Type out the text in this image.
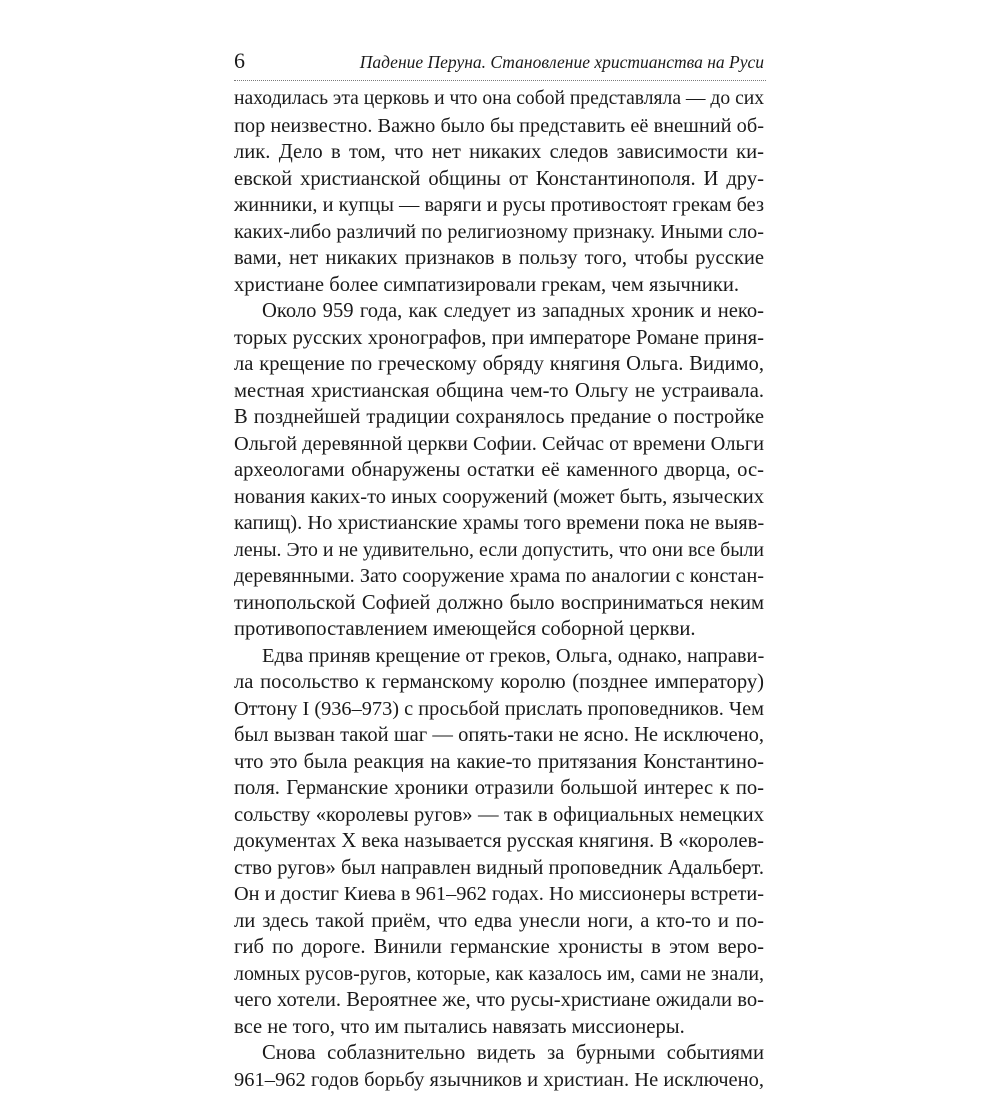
6	Падение Перуна. Становление христианства на Руси
находилась эта церковь и что она собой представляла — до сих
пор неизвестно. Важно было бы представить её внешний об-
лик. Дело в том, что нет никаких следов зависимости ки-
евской христианской общины от Константинополя. И дру-
жинники, и купцы — варяги и русы противостоят грекам без
каких-либо различий по религиозному признаку. Иными сло-
вами, нет никаких признаков в пользу того, чтобы русские
христиане более симпатизировали грекам, чем язычники.
Около 959 года, как следует из западных хроник и неко-
торых русских хронографов, при императоре Романе приня-
ла крещение по греческому обряду княгиня Ольга. Видимо,
местная христианская община чем-то Ольгу не устраивала.
В позднейшей традиции сохранялось предание о постройке
Ольгой деревянной церкви Софии. Сейчас от времени Ольги
археологами обнаружены остатки её каменного дворца, ос-
нования каких-то иных сооружений (может быть, языческих
капищ). Но христианские храмы того времени пока не выяв-
лены. Это и не удивительно, если допустить, что они все были
деревянными. Зато сооружение храма по аналогии с констан-
тинопольской Софией должно было восприниматься неким
противопоставлением имеющейся соборной церкви.
Едва приняв крещение от греков, Ольга, однако, направи-
ла посольство к германскому королю (позднее императору)
Оттону I (936–973) с просьбой прислать проповедников. Чем
был вызван такой шаг — опять-таки не ясно. Не исключено,
что это была реакция на какие-то притязания Константино-
поля. Германские хроники отразили большой интерес к по-
сольству «королевы ругов» — так в официальных немецких
документах X века называется русская княгиня. В «королев-
ство ругов» был направлен видный проповедник Адальберт.
Он и достиг Киева в 961–962 годах. Но миссионеры встрети-
ли здесь такой приём, что едва унесли ноги, а кто-то и по-
гиб по дороге. Винили германские хронисты в этом веро-
ломных русов-ругов, которые, как казалось им, сами не знали,
чего хотели. Вероятнее же, что русы-христиане ожидали во-
все не того, что им пытались навязать миссионеры.
Снова соблазнительно видеть за бурными событиями
961–962 годов борьбу язычников и христиан. Не исключено,
